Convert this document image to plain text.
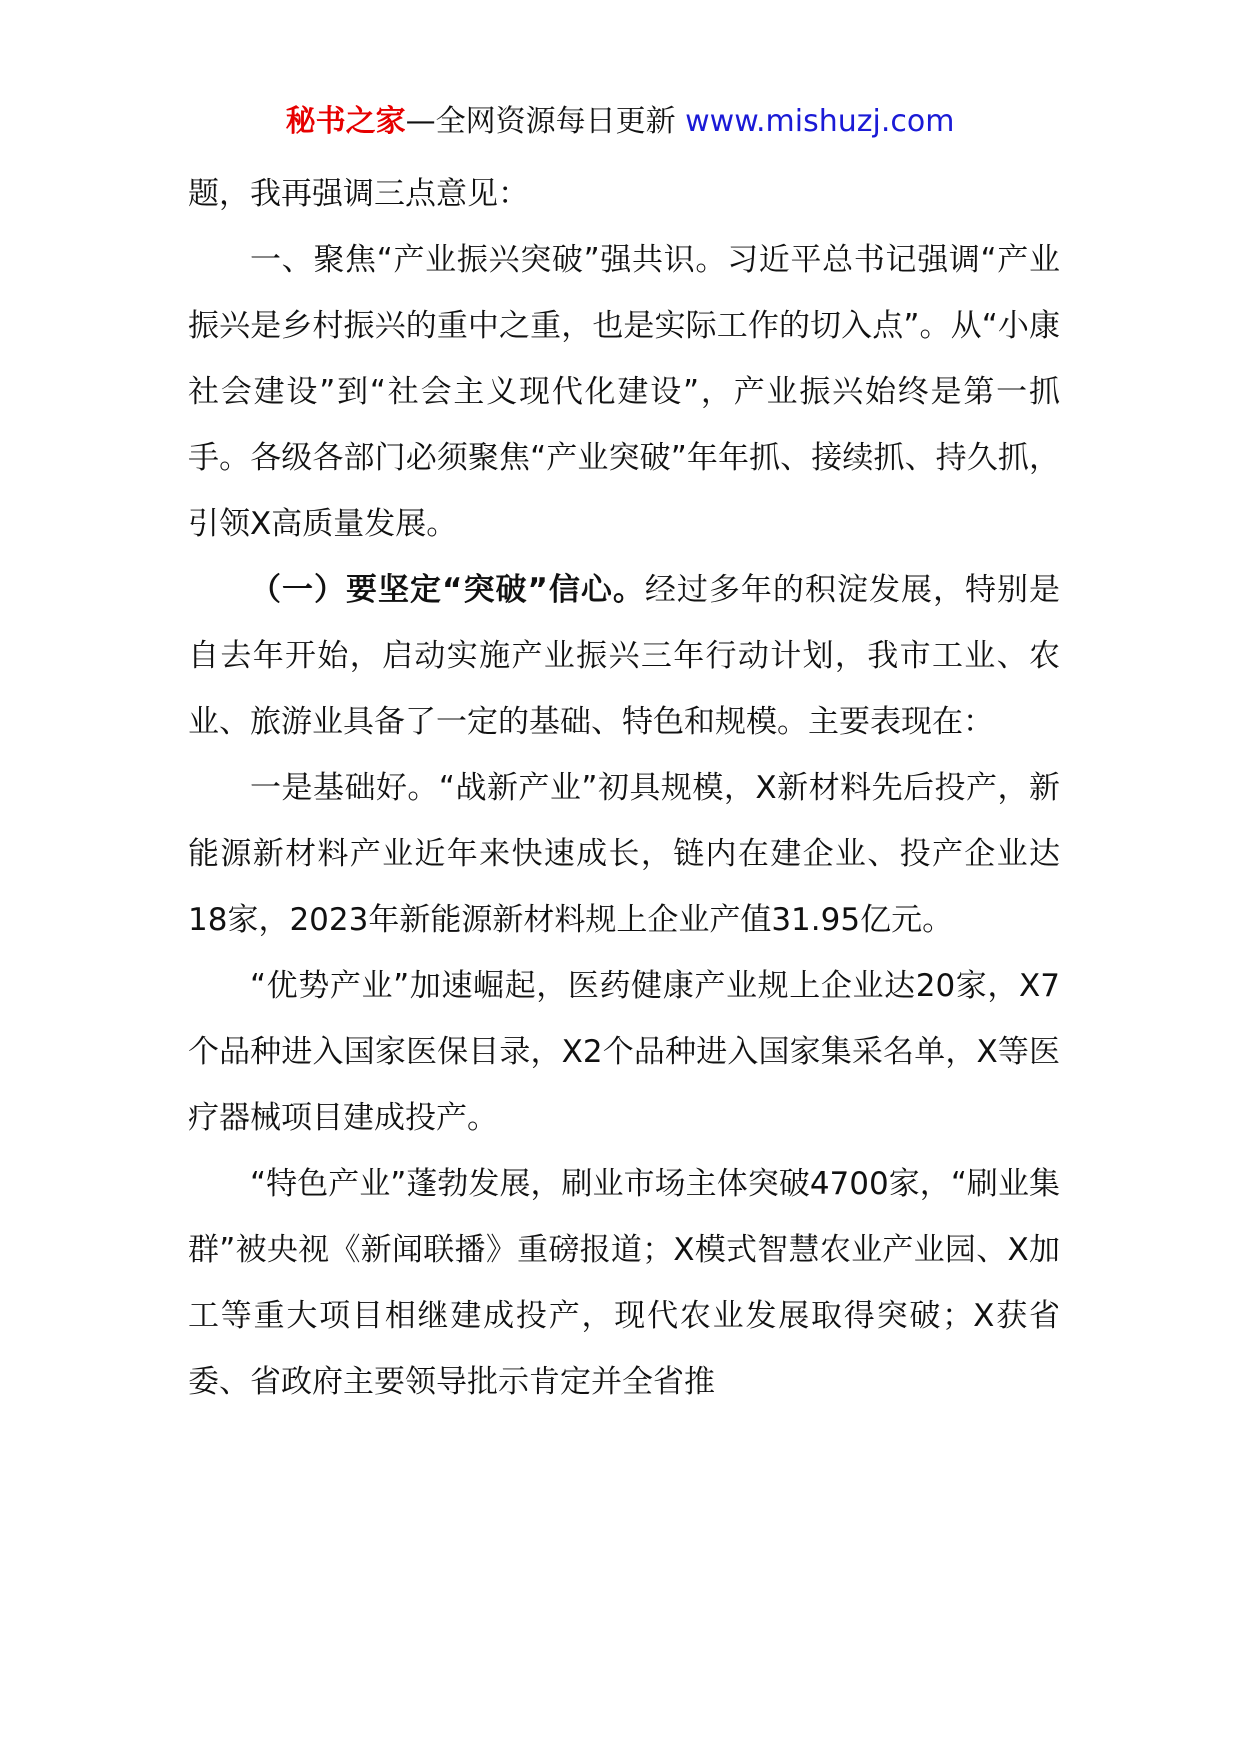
秘书之家—全网资源每日更新 www.mishuzj.com

题，我再强调三点意见：

一、聚焦“产业振兴突破”强共识。习近平总书记强调“产业振兴是乡村振兴的重中之重，也是实际工作的切入点”。从“小康社会建设”到“社会主义现代化建设”，产业振兴始终是第一抓手。各级各部门必须聚焦“产业突破”年年抓、接续抓、持久抓，引领X高质量发展。

（一）要坚定“突破”信心。经过多年的积淀发展，特别是自去年开始，启动实施产业振兴三年行动计划，我市工业、农业、旅游业具备了一定的基础、特色和规模。主要表现在：

一是基础好。“战新产业”初具规模，X新材料先后投产，新能源新材料产业近年来快速成长，链内在建企业、投产企业达18家，2023年新能源新材料规上企业产值31.95亿元。

“优势产业”加速崛起，医药健康产业规上企业达20家，X7个品种进入国家医保目录，X2个品种进入国家集采名单，X等医疗器械项目建成投产。

“特色产业”蓬勃发展，刷业市场主体突破4700家，“刷业集群”被央视《新闻联播》重磅报道；X模式智慧农业产业园、X加工等重大项目相继建成投产，现代农业发展取得突破；X获省委、省政府主要领导批示肯定并全省推
